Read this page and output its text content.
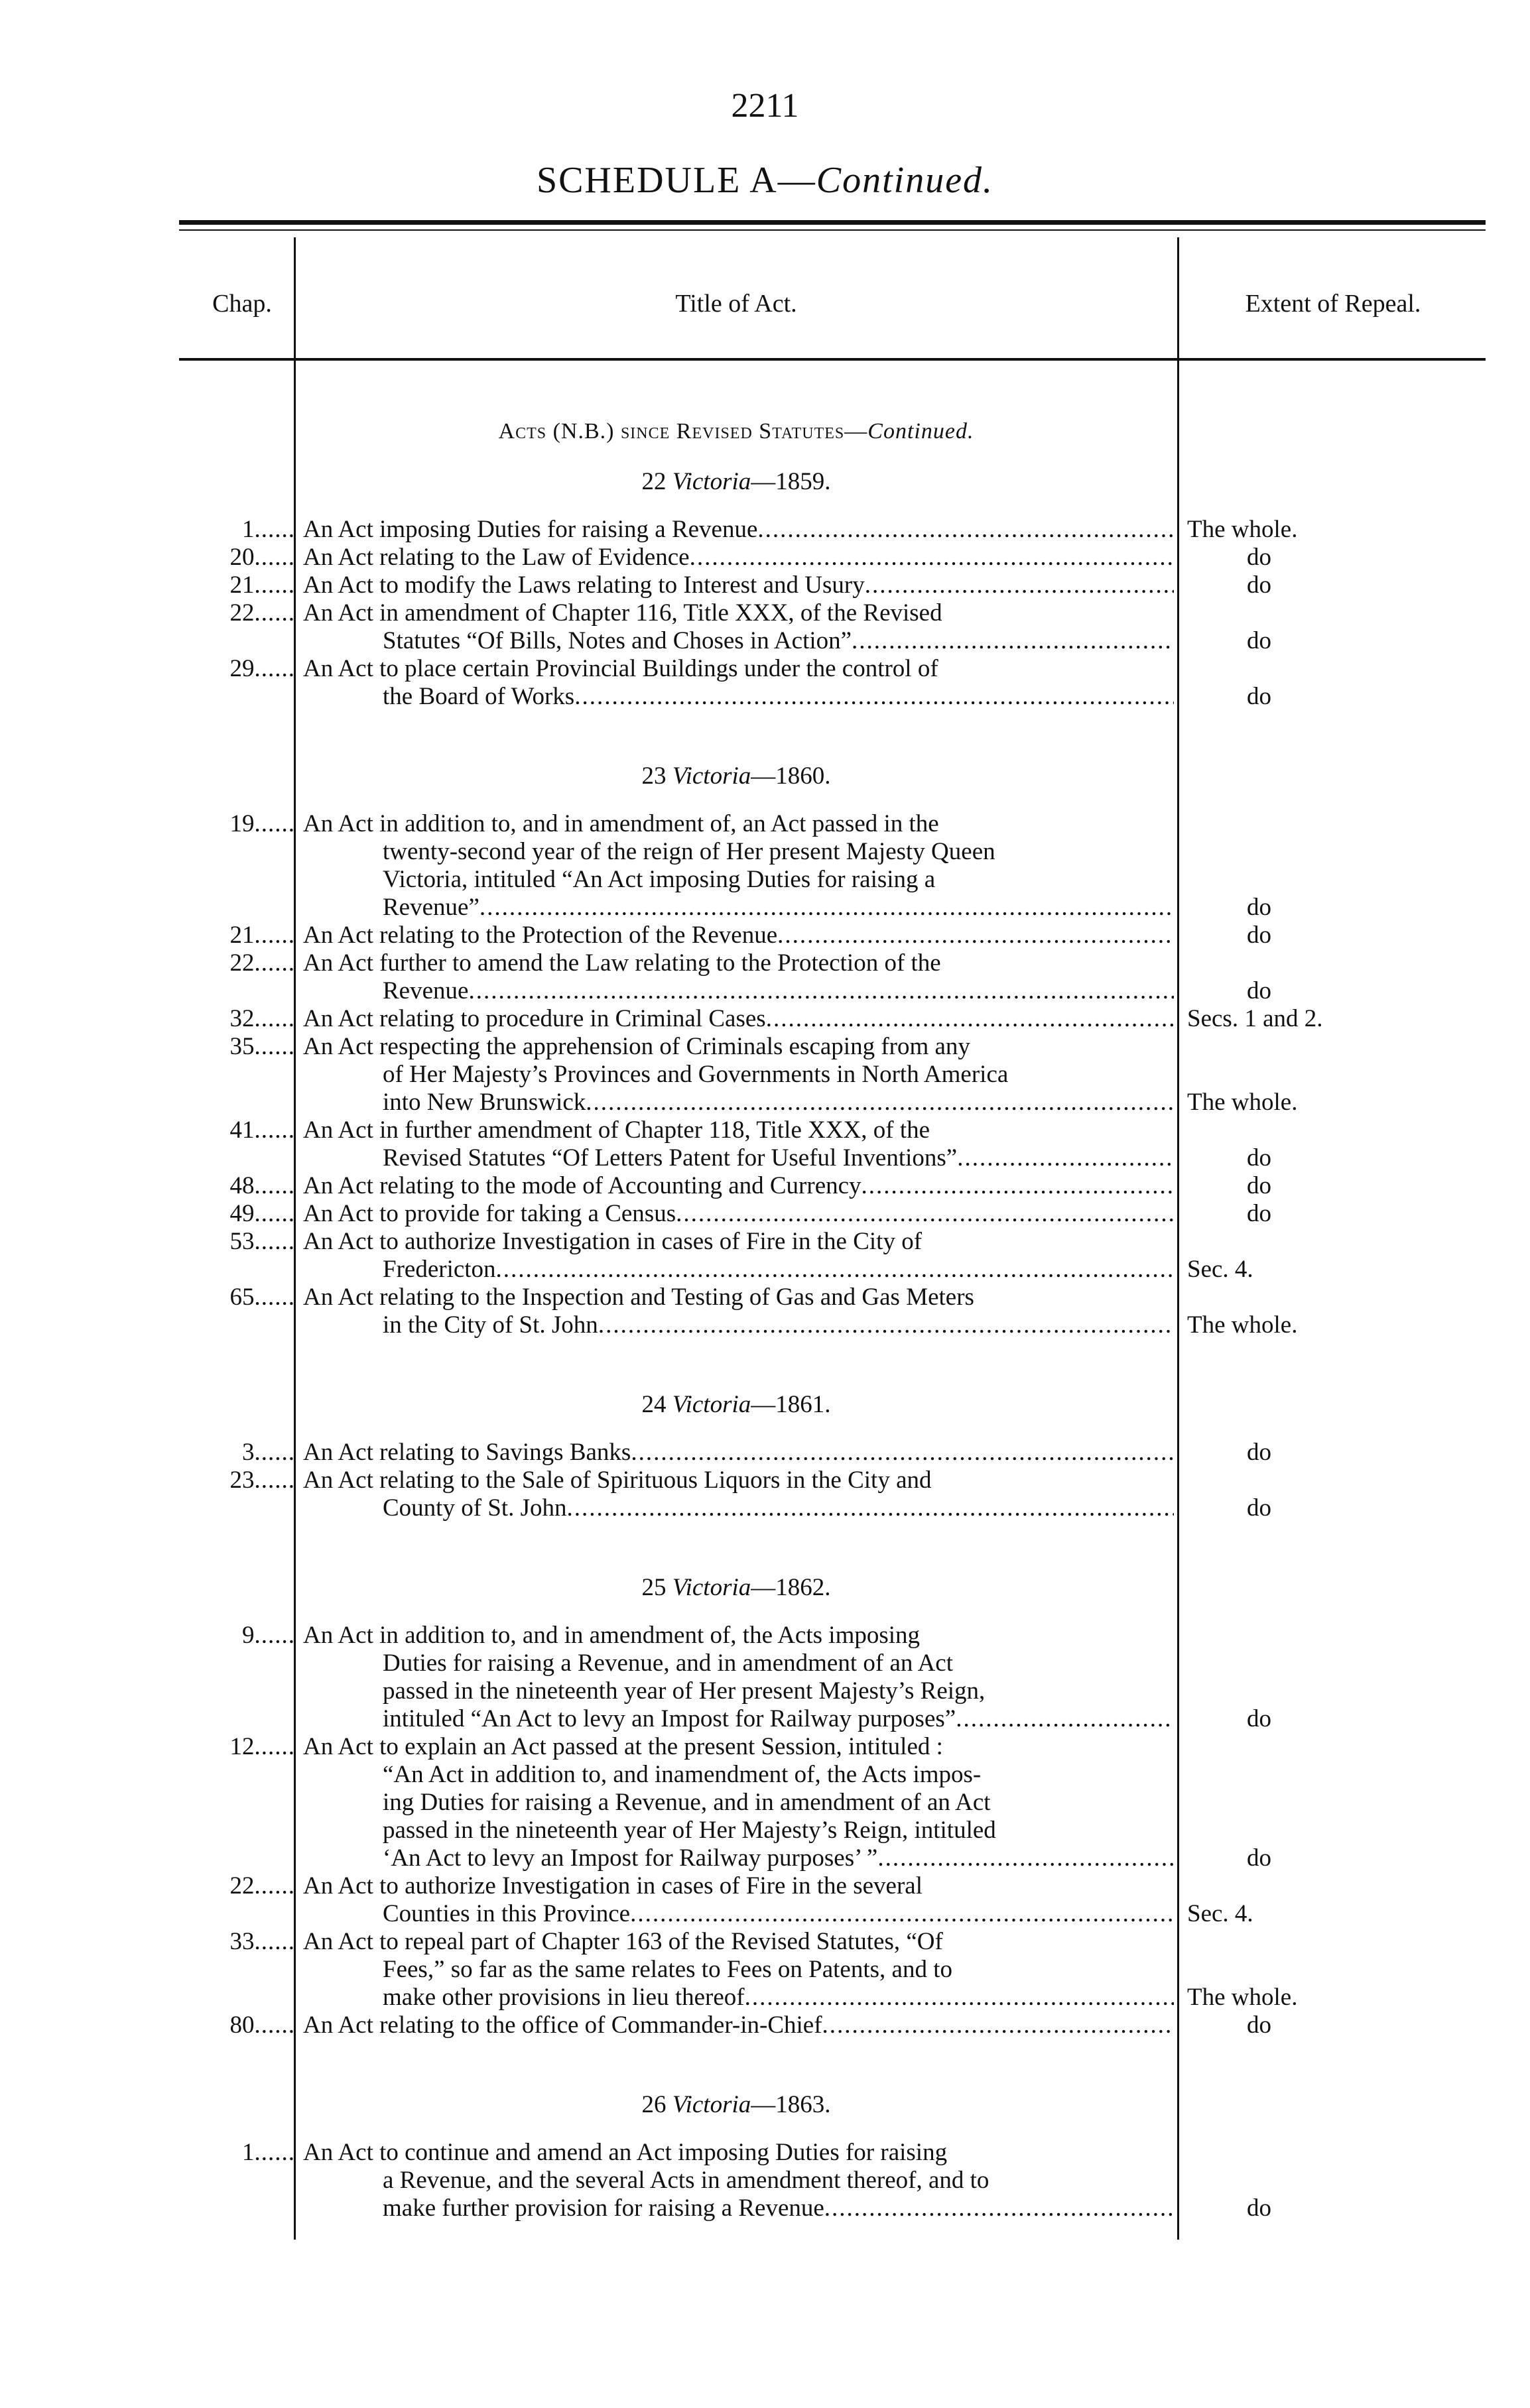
2211
SCHEDULE A—Continued.
Chap.	Title of Act.	Extent of Repeal.
Acts (N.B.) since Revised Statutes—Continued.
22 Victoria—1859.
1...... An Act imposing Duties for raising a Revenue .....	The whole.
20...... An Act relating to the Law of Evidence .....	do
21...... An Act to modify the Laws relating to Interest and Usury .....	do
22...... An Act in amendment of Chapter 116, Title XXX, of the Revised
Statutes “Of Bills, Notes and Choses in Action” .....	do
29...... An Act to place certain Provincial Buildings under the control of
the Board of Works .....	do
23 Victoria—1860.
19...... An Act in addition to, and in amendment of, an Act passed in the
twenty-second year of the reign of Her present Majesty Queen
Victoria, intituled “An Act imposing Duties for raising a
Revenue” .....	do
21...... An Act relating to the Protection of the Revenue .....	do
22...... An Act further to amend the Law relating to the Protection of the
Revenue .....	do
32...... An Act relating to procedure in Criminal Cases .....	Secs. 1 and 2.
35...... An Act respecting the apprehension of Criminals escaping from any
of Her Majesty’s Provinces and Governments in North America
into New Brunswick .....	The whole.
41...... An Act in further amendment of Chapter 118, Title XXX, of the
Revised Statutes “Of Letters Patent for Useful Inventions” .....	do
48...... An Act relating to the mode of Accounting and Currency .....	do
49...... An Act to provide for taking a Census .....	do
53...... An Act to authorize Investigation in cases of Fire in the City of
Fredericton .....	Sec. 4.
65...... An Act relating to the Inspection and Testing of Gas and Gas Meters
in the City of St. John .....	The whole.
24 Victoria—1861.
3...... An Act relating to Savings Banks .....	do
23...... An Act relating to the Sale of Spirituous Liquors in the City and
County of St. John .....	do
25 Victoria—1862.
9...... An Act in addition to, and in amendment of, the Acts imposing
Duties for raising a Revenue, and in amendment of an Act
passed in the nineteenth year of Her present Majesty’s Reign,
intituled “An Act to levy an Impost for Railway purposes” .....	do
12...... An Act to explain an Act passed at the present Session, intituled :
“An Act in addition to, and inamendment of, the Acts impos-
ing Duties for raising a Revenue, and in amendment of an Act
passed in the nineteenth year of Her Majesty’s Reign, intituled
‘An Act to levy an Impost for Railway purposes’ ” .....	do
22...... An Act to authorize Investigation in cases of Fire in the several
Counties in this Province .....	Sec. 4.
33...... An Act to repeal part of Chapter 163 of the Revised Statutes, “Of
Fees,” so far as the same relates to Fees on Patents, and to
make other provisions in lieu thereof .....	The whole.
80...... An Act relating to the office of Commander-in-Chief .....	do
26 Victoria—1863.
1...... An Act to continue and amend an Act imposing Duties for raising
a Revenue, and the several Acts in amendment thereof, and to
make further provision for raising a Revenue .....	do
